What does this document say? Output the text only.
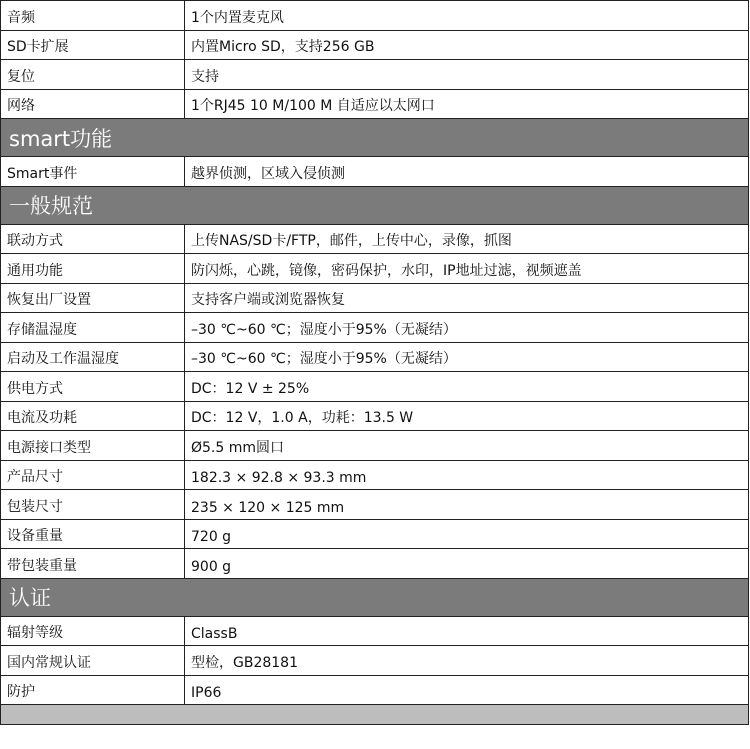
音频	1个内置麦克风
SD卡扩展	内置Micro SD，支持256 GB
复位	支持
网络	1个RJ45 10 M/100 M 自适应以太网口
smart功能	
Smart事件	越界侦测，区域入侵侦测
一般规范	
联动方式	上传NAS/SD卡/FTP，邮件，上传中心，录像，抓图
通用功能	防闪烁，心跳，镜像，密码保护，水印，IP地址过滤，视频遮盖
恢复出厂设置	支持客户端或浏览器恢复
存储温湿度	–30 ℃~60 ℃；湿度小于95%（无凝结）
启动及工作温湿度	–30 ℃~60 ℃；湿度小于95%（无凝结）
供电方式	DC：12 V ± 25%
电流及功耗	DC：12 V，1.0 A，功耗：13.5 W
电源接口类型	Ø5.5 mm圆口
产品尺寸	182.3 × 92.8 × 93.3 mm
包装尺寸	235 × 120 × 125 mm
设备重量	720 g
带包装重量	900 g
认证	
辐射等级	ClassB
国内常规认证	型检，GB28181
防护	IP66
